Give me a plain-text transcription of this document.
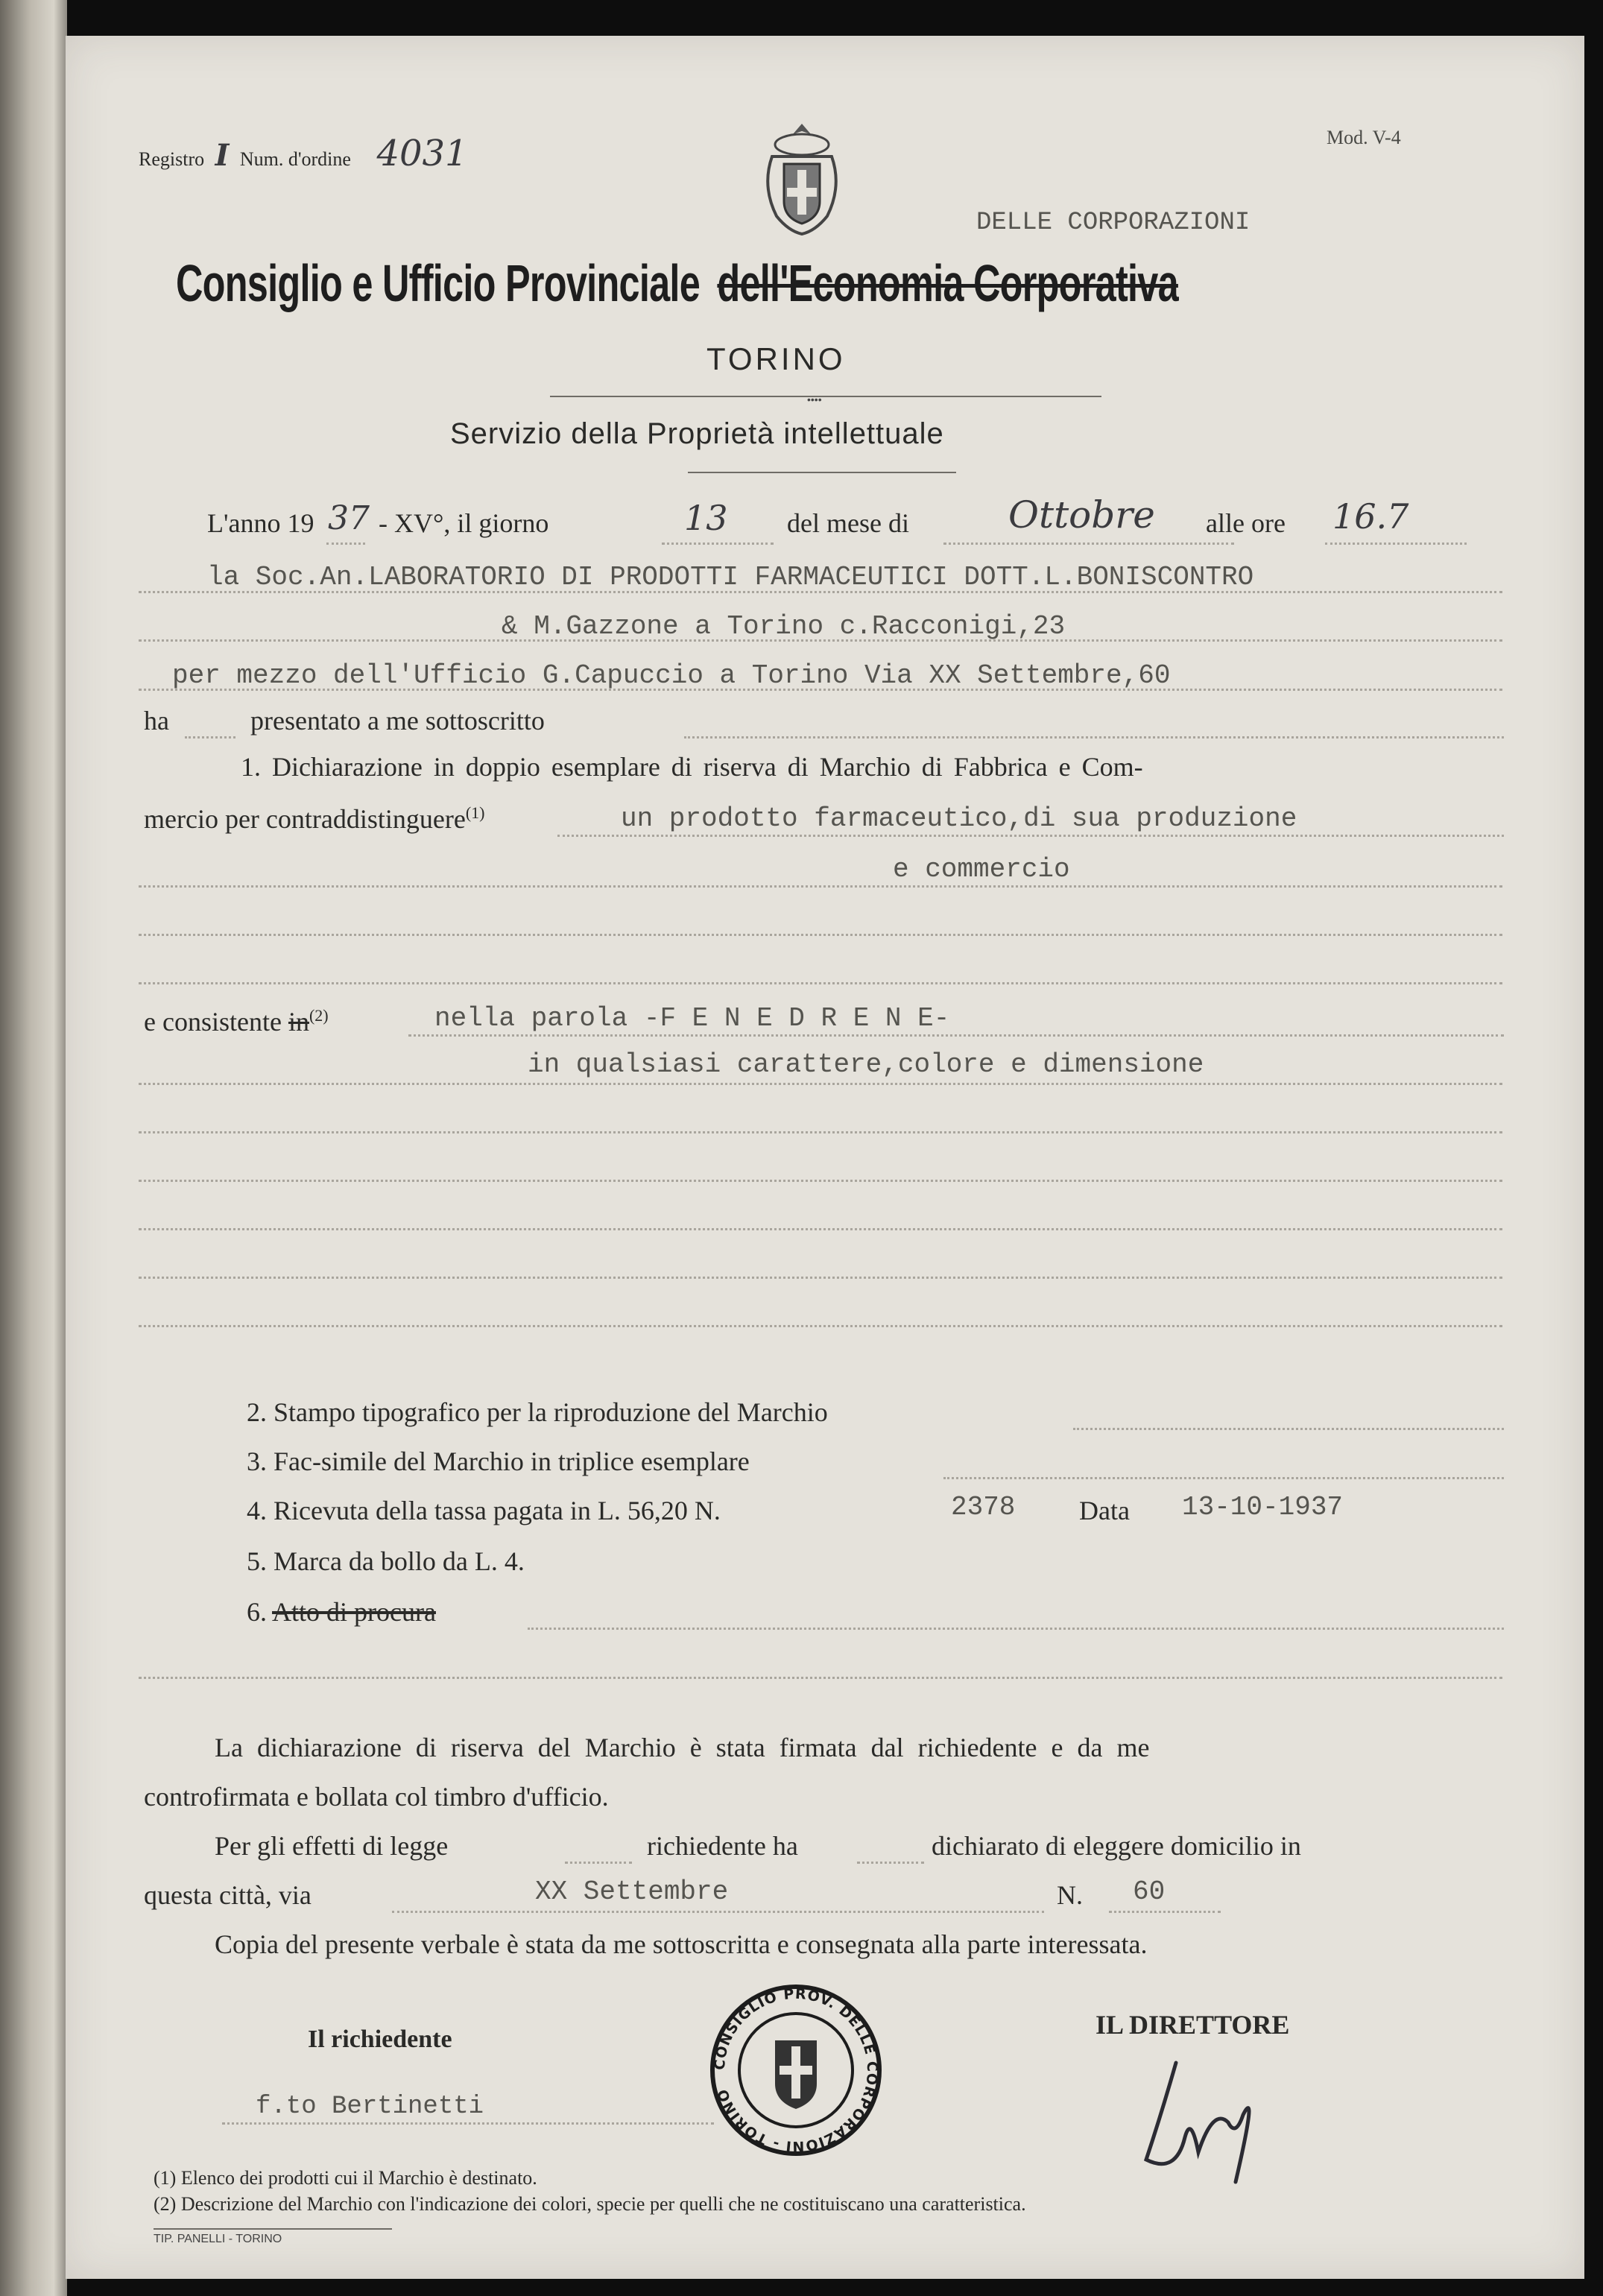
Registro I Num. d'ordine 4031	Mod. V-4
DELLE CORPORAZIONI
Consiglio e Ufficio Provinciale dell'Economia Corporativa
TORINO
••••
Servizio della Proprietà intellettuale
L'anno 19 37 - XV°, il giorno	13 del mese di	Ottobre alle ore 16.7
la Soc.An.LABORATORIO DI PRODOTTI FARMACEUTICI DOTT.L.BONISCONTRO
& M.Gazzone a Torino c.Racconigi,23
per mezzo dell'Ufficio G.Capuccio a Torino Via XX Settembre,60
ha	presentato a me sottoscritto
1. Dichiarazione in doppio esemplare di riserva di Marchio di Fabbrica e Com-
mercio per contraddistinguere$^{(1)}$	un prodotto farmaceutico,di sua produzione
e commercio
e consistente $in^{(2)}$	nella parola -F E N E D R E N E-
in qualsiasi carattere,colore e dimensione
2. Stampo tipografico per la riproduzione del Marchio
3. Fac-simile del Marchio in triplice esemplare
4. Ricevuta della tassa pagata in L. 56,20 N.	2378 Data 13-10-1937
5. Marca da bollo da L. 4.
6. Atto di procura
La dichiarazione di riserva del Marchio è stata firmata dal richiedente e da me
controfirmata e bollata col timbro d'ufficio.
Per gli effetti di legge	richiedente ha	dichiarato di eleggere domicilio in
questa città, via	XX Settembre	N. 60
Copia del presente verbale è stata da me sottoscritta e consegnata alla parte interessata.
Il richiedente
f.to Bertinetti
CONSIGLIO PROV. DELLE CORPORAZIONI - TORINO
IL DIRETTORE
(1) Elenco dei prodotti cui il Marchio è destinato.
(2) Descrizione del Marchio con l'indicazione dei colori, specie per quelli che ne costituiscano una caratteristica.
TIP. PANELLI - TORINO
